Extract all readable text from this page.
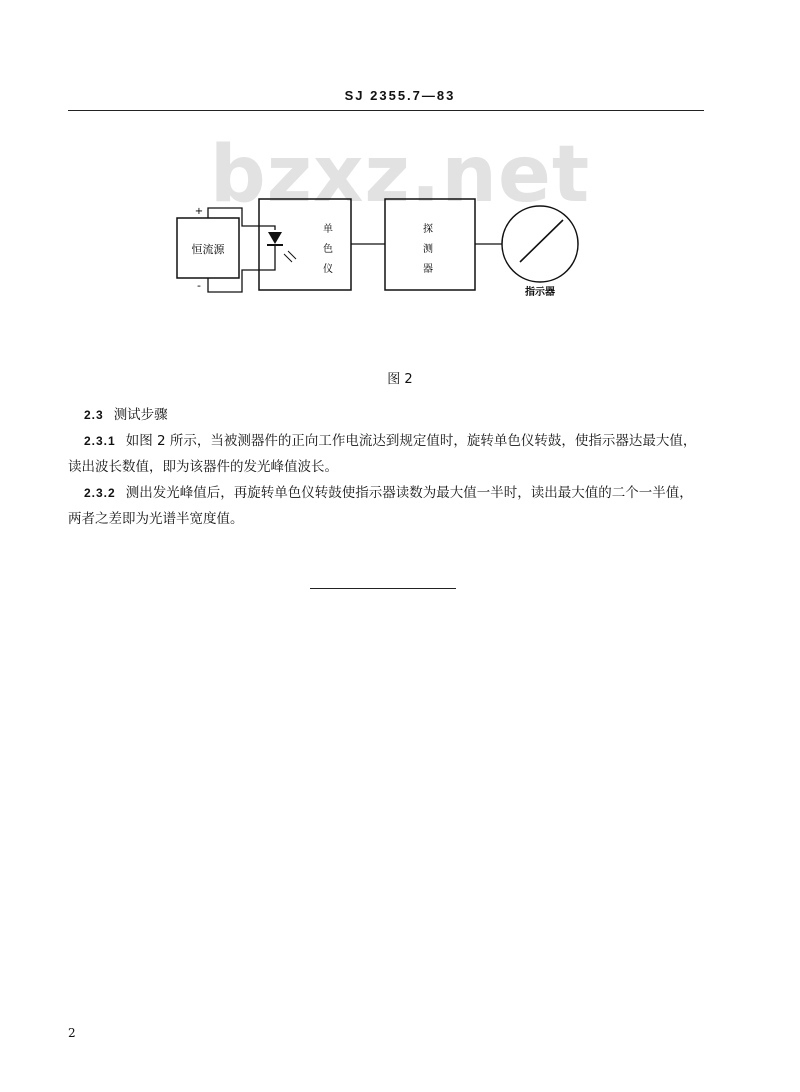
SJ 2355.7—83
bzxz.net
恒流源
+
-
单
色
仪
探
测
器
指示器
图 2
2.3 测试步骤
2.3.1 如图 2 所示，当被测器件的正向工作电流达到规定值时，旋转单色仪转鼓，使指示器达最大值，读出波长数值，即为该器件的发光峰值波长。
2.3.2 测出发光峰值后，再旋转单色仪转鼓使指示器读数为最大值一半时，读出最大值的二个一半值，两者之差即为光谱半宽度值。
2
